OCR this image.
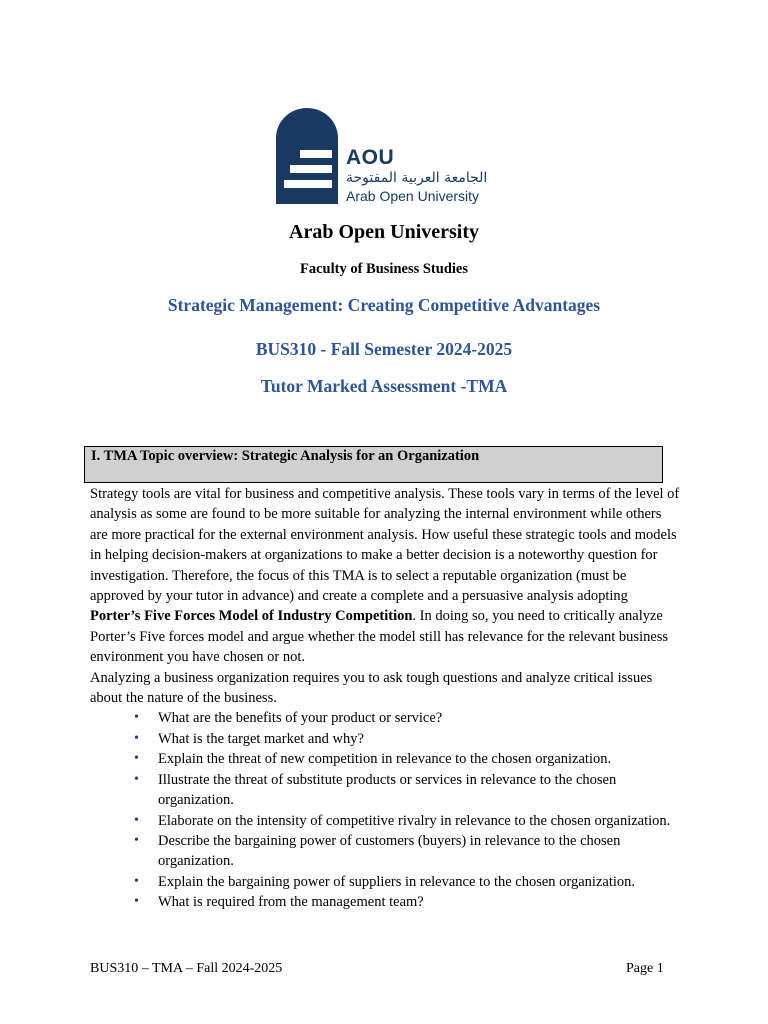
AOU
الجامعة العربية المفتوحة
Arab Open University
Arab Open University
Faculty of Business Studies
Strategic Management: Creating Competitive Advantages
BUS310 - Fall Semester 2024-2025
Tutor Marked Assessment -TMA
I. TMA Topic overview: Strategic Analysis for an Organization

Strategy tools are vital for business and competitive analysis. These tools vary in terms of the level of analysis as some are found to be more suitable for analyzing the internal environment while others are more practical for the external environment analysis. How useful these strategic tools and models in helping decision-makers at organizations to make a better decision is a noteworthy question for investigation. Therefore, the focus of this TMA is to select a reputable organization (must be approved by your tutor in advance) and create a complete and a persuasive analysis adopting Porter’s Five Forces Model of Industry Competition. In doing so, you need to critically analyze Porter’s Five forces model and argue whether the model still has relevance for the relevant business environment you have chosen or not.

Analyzing a business organization requires you to ask tough questions and analyze critical issues about the nature of the business.

• What are the benefits of your product or service?
• What is the target market and why?
• Explain the threat of new competition in relevance to the chosen organization.
• Illustrate the threat of substitute products or services in relevance to the chosen organization.
• Elaborate on the intensity of competitive rivalry in relevance to the chosen organization.
• Describe the bargaining power of customers (buyers) in relevance to the chosen organization.
• Explain the bargaining power of suppliers in relevance to the chosen organization.
• What is required from the management team?
BUS310 – TMA – Fall 2024-2025	Page 1
